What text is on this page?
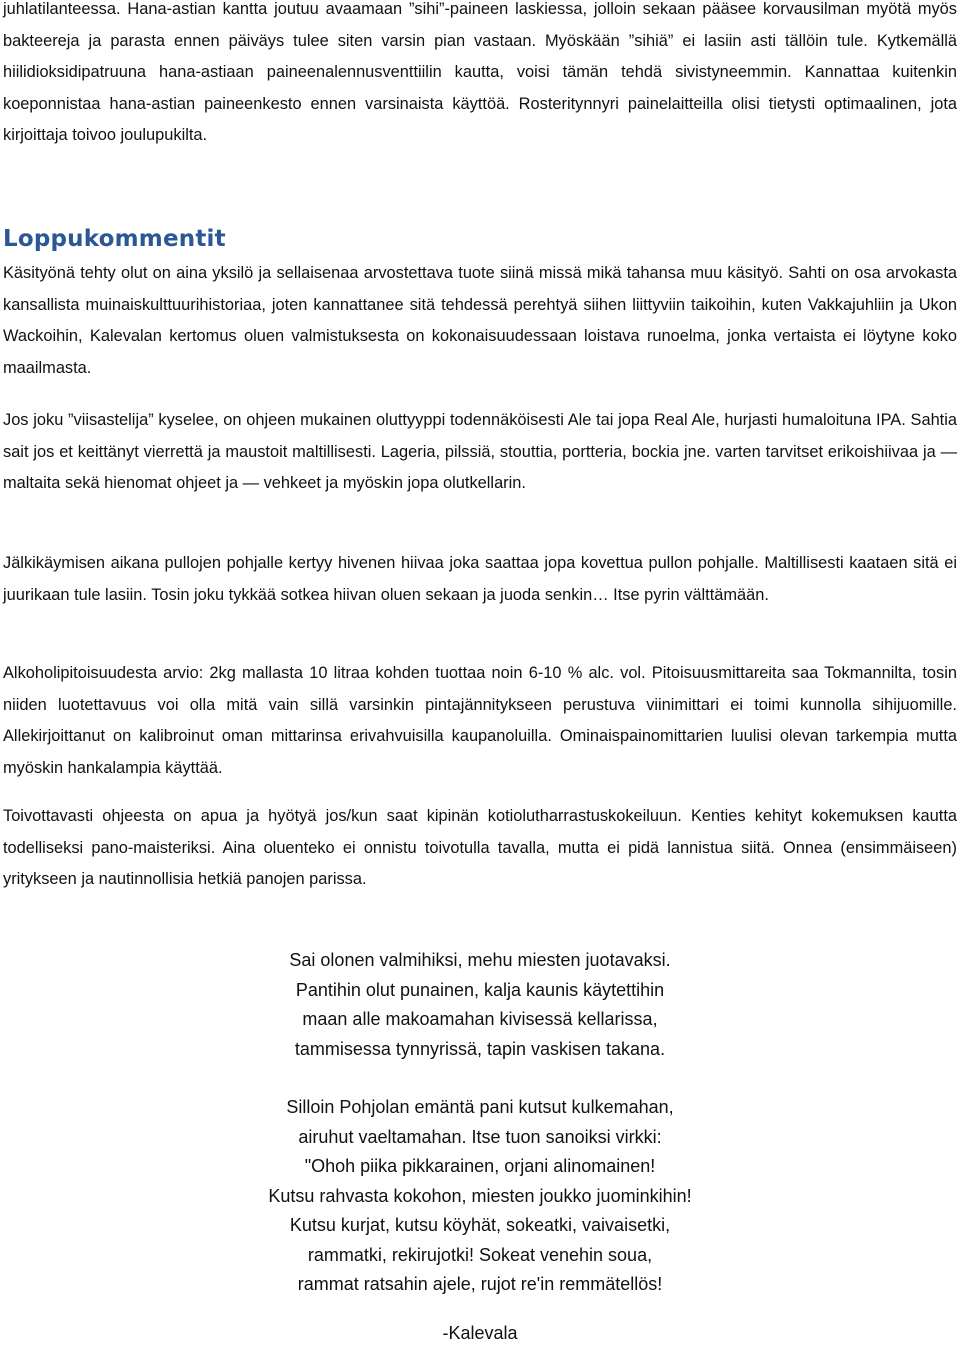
juhlatilanteessa. Hana-astian kantta joutuu avaamaan ”sihi”-paineen laskiessa, jolloin sekaan pääsee korvausilman myötä myös bakteereja ja parasta ennen päiväys tulee siten varsin pian vastaan. Myöskään ”sihiä” ei lasiin asti tällöin tule. Kytkemällä hiilidioksidipatruuna hana-astiaan paineenalennusventtiilin kautta, voisi tämän tehdä sivistyneemmin. Kannattaa kuitenkin koeponnistaa hana-astian paineenkesto ennen varsinaista käyttöä. Rosteritynnyri painelaitteilla olisi tietysti optimaalinen, jota kirjoittaja toivoo joulupukilta.

Loppukommentit

Käsityönä tehty olut on aina yksilö ja sellaisenaa arvostettava tuote siinä missä mikä tahansa muu käsityö. Sahti on osa arvokasta kansallista muinaiskulttuurihistoriaa, joten kannattanee sitä tehdessä perehtyä siihen liittyviin taikoihin, kuten Vakkajuhliin ja Ukon Wackoihin, Kalevalan kertomus oluen valmistuksesta on kokonaisuudessaan loistava runoelma, jonka vertaista ei löytyne koko maailmasta.

Jos joku ”viisastelija” kyselee, on ohjeen mukainen oluttyyppi todennäköisesti Ale tai jopa Real Ale, hurjasti humaloituna IPA. Sahtia sait jos et keittänyt vierrettä ja maustoit maltillisesti. Lageria, pilssiä, stouttia, portteria, bockia jne. varten tarvitset erikoishiivaa ja —maltaita sekä hienomat ohjeet ja — vehkeet ja myöskin jopa olutkellarin.

Jälkikäymisen aikana pullojen pohjalle kertyy hivenen hiivaa joka saattaa jopa kovettua pullon pohjalle. Maltillisesti kaataen sitä ei juurikaan tule lasiin. Tosin joku tykkää sotkea hiivan oluen sekaan ja juoda senkin… Itse pyrin välttämään.

Alkoholipitoisuudesta arvio: 2kg mallasta 10 litraa kohden tuottaa noin 6-10 % alc. vol. Pitoisuusmittareita saa Tokmannilta, tosin niiden luotettavuus voi olla mitä vain sillä varsinkin pintajännitykseen perustuva viinimittari ei toimi kunnolla sihijuomille. Allekirjoittanut on kalibroinut oman mittarinsa erivahvuisilla kaupanoluilla. Ominaispainomittarien luulisi olevan tarkempia mutta myöskin hankalampia käyttää.

Toivottavasti ohjeesta on apua ja hyötyä jos/kun saat kipinän kotiolutharrastuskokeiluun. Kenties kehityt kokemuksen kautta todelliseksi pano-maisteriksi. Aina oluenteko ei onnistu toivotulla tavalla, mutta ei pidä lannistua siitä. Onnea (ensimmäiseen) yritykseen ja nautinnollisia hetkiä panojen parissa.

Sai olonen valmihiksi, mehu miesten juotavaksi.
Pantihin olut punainen, kalja kaunis käytettihin
maan alle makoamahan kivisessä kellarissa,
tammisessa tynnyrissä, tapin vaskisen takana.
Silloin Pohjolan emäntä pani kutsut kulkemahan,
airuhut vaeltamahan. Itse tuon sanoiksi virkki:
"Ohoh piika pikkarainen, orjani alinomainen!
Kutsu rahvasta kokohon, miesten joukko juominkihin!
Kutsu kurjat, kutsu köyhät, sokeatki, vaivaisetki,
rammatki, rekirujotki! Sokeat venehin soua,
rammat ratsahin ajele, rujot re'in remmätellös!
-Kalevala
